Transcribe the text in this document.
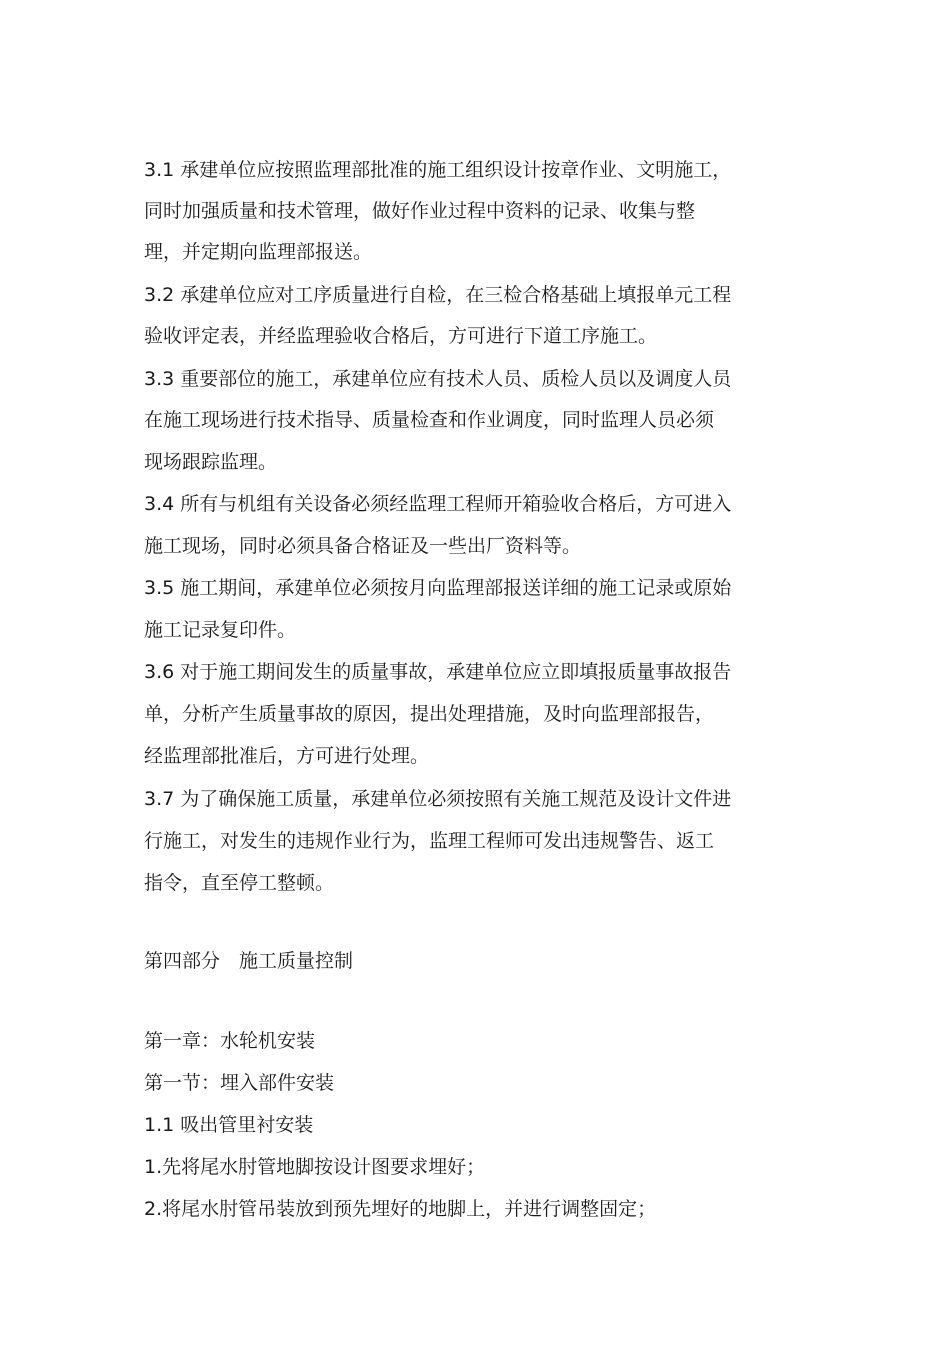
3.1 承建单位应按照监理部批准的施工组织设计按章作业、文明施工，
同时加强质量和技术管理，做好作业过程中资料的记录、收集与整
理，并定期向监理部报送。
3.2 承建单位应对工序质量进行自检，在三检合格基础上填报单元工程
验收评定表，并经监理验收合格后，方可进行下道工序施工。
3.3 重要部位的施工，承建单位应有技术人员、质检人员以及调度人员
在施工现场进行技术指导、质量检查和作业调度，同时监理人员必须
现场跟踪监理。
3.4 所有与机组有关设备必须经监理工程师开箱验收合格后，方可进入
施工现场，同时必须具备合格证及一些出厂资料等。
3.5 施工期间，承建单位必须按月向监理部报送详细的施工记录或原始
施工记录复印件。
3.6 对于施工期间发生的质量事故，承建单位应立即填报质量事故报告
单，分析产生质量事故的原因，提出处理措施，及时向监理部报告，
经监理部批准后，方可进行处理。
3.7 为了确保施工质量，承建单位必须按照有关施工规范及设计文件进
行施工，对发生的违规作业行为，监理工程师可发出违规警告、返工
指令，直至停工整顿。
第四部分　施工质量控制
第一章：水轮机安装
第一节：埋入部件安装
1.1 吸出管里衬安装
1.先将尾水肘管地脚按设计图要求埋好；
2.将尾水肘管吊装放到预先埋好的地脚上，并进行调整固定；
